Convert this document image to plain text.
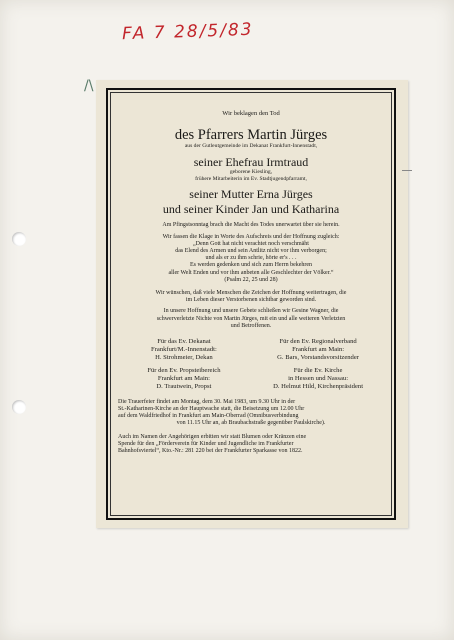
FA 7 28/5/83
/\

Wir beklagen den Tod

des Pfarrers Martin Jürges

aus der Gutleutgemeinde im Dekanat Frankfurt-Innenstadt,

seiner Ehefrau Irmtraud

geborene Kiesling,

frühere Mitarbeiterin im Ev. Stadtjugendpfarramt,

seiner Mutter Erna Jürges

und seiner Kinder Jan und Katharina

Am Pfingstsonntag brach die Macht des Todes unerwartet über sie herein.

Wir fassen die Klage in Worte des Aufschreis und der Hoffnung zugleich:

„Denn Gott hat nicht verachtet noch verschmäht

das Elend des Armen und sein Antlitz nicht vor ihm verborgen;

und als er zu ihm schrie, hörte er's . . .

Es werden gedenken und sich zum Herrn bekehren

aller Welt Enden und vor ihm anbeten alle Geschlechter der Völker.“

(Psalm 22, 25 und 28)

Wir wünschen, daß viele Menschen die Zeichen der Hoffnung weitertragen, die

im Leben dieser Verstorbenen sichtbar geworden sind.

In unsere Hoffnung und unsere Gebete schließen wir Gesine Wagner, die

schwerverletzte Nichte von Martin Jürges, mit ein und alle weiteren Verletzten

und Betroffenen.

Für das Ev. Dekanat
Frankfurt/M.-Innenstadt:
H. Strohmeier, Dekan
Für den Ev. Regionalverband
Frankfurt am Main:
G. Bars, Vorstandsvorsitzender
Für den Ev. Propsteibereich
Frankfurt am Main:
D. Trautwein, Propst
Für die Ev. Kirche
in Hessen und Nassau:
D. Helmut Hild, Kirchenpräsident

Die Trauerfeier findet am Montag, dem 30. Mai 1983, um 9.30 Uhr in der

St.-Katharinen-Kirche an der Hauptwache statt, die Beisetzung um 12.00 Uhr

auf dem Waldfriedhof in Frankfurt am Main-Oberrad (Omnibusverbindung

von 11.15 Uhr an, ab Braubachstraße gegenüber Paulskirche).

Auch im Namen der Angehörigen erbitten wir statt Blumen oder Kränzen eine

Spende für den „Förderverein für Kinder und Jugendliche im Frankfurter

Bahnhofsviertel“, Kto.-Nr.: 281 220 bei der Frankfurter Sparkasse von 1822.
